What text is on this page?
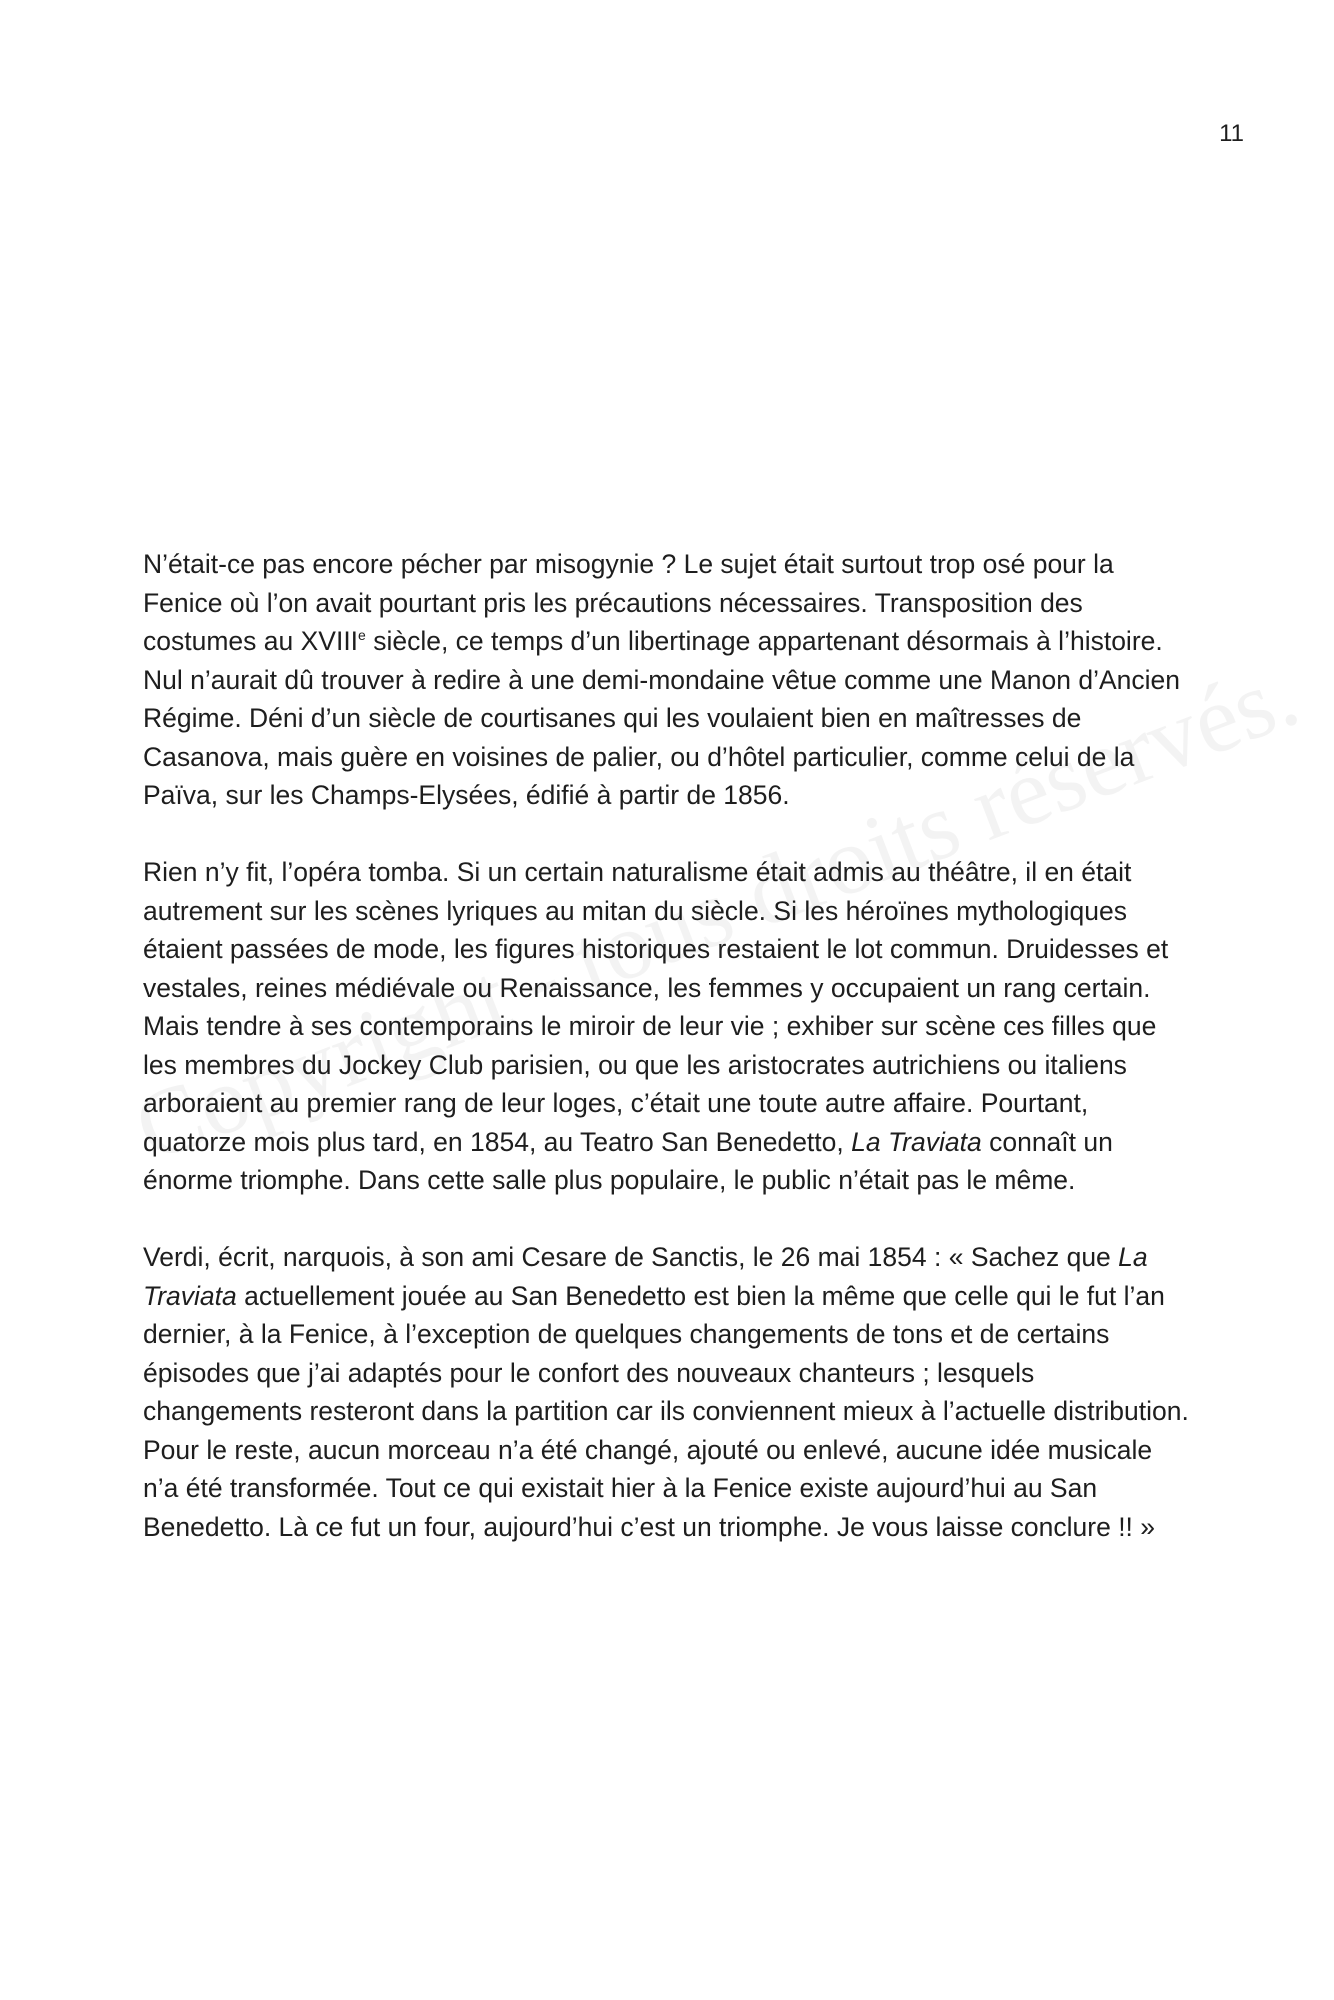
11

N’était-ce pas encore pécher par misogynie ? Le sujet était surtout trop osé pour la Fenice où l’on avait pourtant pris les précautions nécessaires. Transposition des costumes au XVIIIe siècle, ce temps d’un libertinage appartenant désormais à l’histoire. Nul n’aurait dû trouver à redire à une demi-mondaine vêtue comme une Manon d’Ancien Régime. Déni d’un siècle de courtisanes qui les voulaient bien en maîtresses de Casanova, mais guère en voisines de palier, ou d’hôtel particulier, comme celui de la Païva, sur les Champs-Elysées, édifié à partir de 1856.

Rien n’y fit, l’opéra tomba. Si un certain naturalisme était admis au théâtre, il en était autrement sur les scènes lyriques au mitan du siècle. Si les héroïnes mythologiques étaient passées de mode, les figures historiques restaient le lot commun. Druidesses et vestales, reines médiévale ou Renaissance, les femmes y occupaient un rang certain. Mais tendre à ses contemporains le miroir de leur vie ; exhiber sur scène ces filles que les membres du Jockey Club parisien, ou que les aristocrates autrichiens ou italiens arboraient au premier rang de leur loges, c’était une toute autre affaire. Pourtant, quatorze mois plus tard, en 1854, au Teatro San Benedetto, La Traviata connaît un énorme triomphe. Dans cette salle plus populaire, le public n’était pas le même.

Verdi, écrit, narquois, à son ami Cesare de Sanctis, le 26 mai 1854 : « Sachez que La Traviata actuellement jouée au San Benedetto est bien la même que celle qui le fut l’an dernier, à la Fenice, à l’exception de quelques changements de tons et de certains épisodes que j’ai adaptés pour le confort des nouveaux chanteurs ; lesquels changements resteront dans la partition car ils conviennent mieux à l’actuelle distribution. Pour le reste, aucun morceau n’a été changé, ajouté ou enlevé, aucune idée musicale n’a été transformée. Tout ce qui existait hier à la Fenice existe aujourd’hui au San Benedetto. Là ce fut un four, aujourd’hui c’est un triomphe. Je vous laisse conclure !! »
